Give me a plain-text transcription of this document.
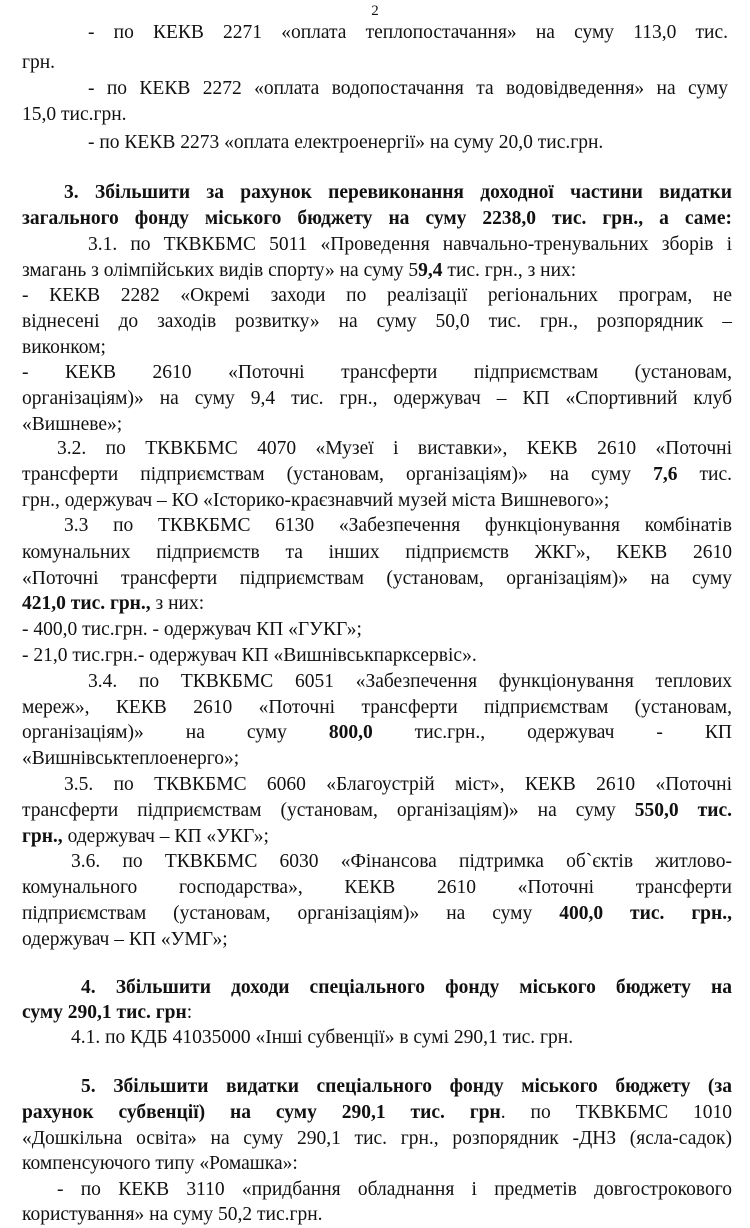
2
- по КЕКВ 2271 «оплата теплопостачання» на суму 113,0 тис.
грн.
- по КЕКВ 2272 «оплата водопостачання та водовідведення» на суму
15,0 тис.грн.
- по КЕКВ 2273 «оплата електроенергії» на суму 20,0 тис.грн.
3. Збільшити за рахунок перевиконання доходної частини видатки
загального фонду міського бюджету на суму 2238,0 тис. грн., а саме:
3.1. по ТКВКБМС 5011 «Проведення навчально-тренувальних зборів і
змагань з олімпійських видів спорту» на суму 59,4 тис. грн., з них:
- КЕКВ 2282 «Окремі заходи по реалізації регіональних програм, не
віднесені до заходів розвитку» на суму 50,0 тис. грн., розпорядник –
виконком;
- КЕКВ 2610 «Поточні трансферти підприємствам (установам,
організаціям)» на суму 9,4 тис. грн., одержувач – КП «Спортивний клуб
«Вишневе»;
3.2. по ТКВКБМС 4070 «Музеї і виставки», КЕКВ 2610 «Поточні
трансферти підприємствам (установам, організаціям)» на суму 7,6 тис.
грн., одержувач – КО «Історико-краєзнавчий музей міста Вишневого»;
3.3 по ТКВКБМС 6130 «Забезпечення функціонування комбінатів
комунальних підприємств та інших підприємств ЖКГ», КЕКВ 2610
«Поточні трансферти підприємствам (установам, організаціям)» на суму
421,0 тис. грн., з них:
- 400,0 тис.грн. - одержувач КП «ГУКГ»;
- 21,0 тис.грн.- одержувач КП «Вишнівськпарксервіс».
3.4. по ТКВКБМС 6051 «Забезпечення функціонування теплових
мереж», КЕКВ 2610 «Поточні трансферти підприємствам (установам,
організаціям)» на суму 800,0 тис.грн., одержувач - КП
«Вишнівськтеплоенерго»;
3.5. по ТКВКБМС 6060 «Благоустрій міст», КЕКВ 2610 «Поточні
трансферти підприємствам (установам, організаціям)» на суму 550,0 тис.
грн., одержувач – КП «УКГ»;
3.6. по ТКВКБМС 6030 «Фінансова підтримка об`єктів житлово-
комунального господарства», КЕКВ 2610 «Поточні трансферти
підприємствам (установам, організаціям)» на суму 400,0 тис. грн.,
одержувач – КП «УМГ»;
4. Збільшити доходи спеціального фонду міського бюджету на
суму 290,1 тис. грн:
4.1. по КДБ 41035000 «Інші субвенції» в сумі 290,1 тис. грн.
5. Збільшити видатки спеціального фонду міського бюджету (за
рахунок субвенції) на суму 290,1 тис. грн. по ТКВКБМС 1010
«Дошкільна освіта» на суму 290,1 тис. грн., розпорядник -ДНЗ (ясла-садок)
компенсуючого типу «Ромашка»:
- по КЕКВ 3110 «придбання обладнання і предметів довгострокового
користування» на суму 50,2 тис.грн.
